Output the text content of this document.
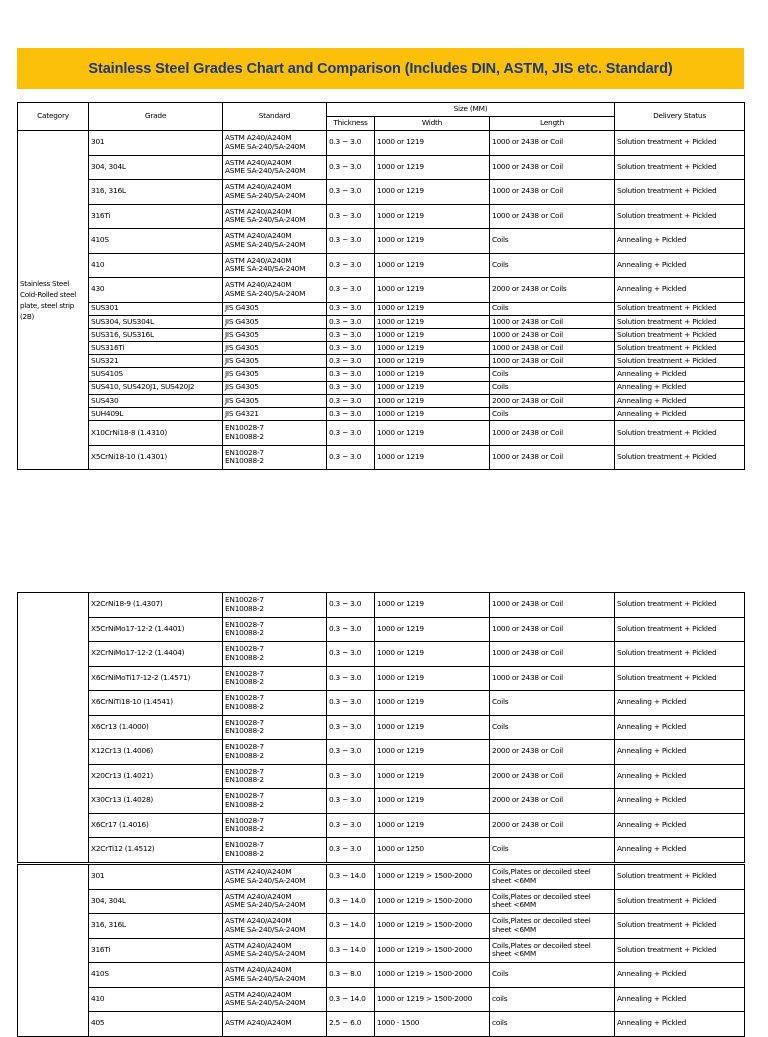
Stainless Steel Grades Chart and Comparison (Includes DIN, ASTM, JIS etc. Standard)
Category	Grade	Standard	Size (MM)			Delivery Status
			Thickness	Width	Length	
Stainless Steel Cold-Rolled steel plate, steel strip (2B)	301	ASTM A240/A240M
ASME SA-240/SA-240M	0.3 ~ 3.0	1000 or 1219	1000 or 2438 or Coil	Solution treatment + Pickled
	304, 304L	ASTM A240/A240M
ASME SA-240/SA-240M	0.3 ~ 3.0	1000 or 1219	1000 or 2438 or Coil	Solution treatment + Pickled
	316, 316L	ASTM A240/A240M
ASME SA-240/SA-240M	0.3 ~ 3.0	1000 or 1219	1000 or 2438 or Coil	Solution treatment + Pickled
	316Ti	ASTM A240/A240M
ASME SA-240/SA-240M	0.3 ~ 3.0	1000 or 1219	1000 or 2438 or Coil	Solution treatment + Pickled
	410S	ASTM A240/A240M
ASME SA-240/SA-240M	0.3 ~ 3.0	1000 or 1219	Coils	Annealing + Pickled
	410	ASTM A240/A240M
ASME SA-240/SA-240M	0.3 ~ 3.0	1000 or 1219	Coils	Annealing + Pickled
	430	ASTM A240/A240M
ASME SA-240/SA-240M	0.3 ~ 3.0	1000 or 1219	2000 or 2438 or Coils	Annealing + Pickled
	SUS301	JIS G4305	0.3 ~ 3.0	1000 or 1219	Coils	Solution treatment + Pickled
	SUS304, SUS304L	JIS G4305	0.3 ~ 3.0	1000 or 1219	1000 or 2438 or Coil	Solution treatment + Pickled
	SUS316, SUS316L	JIS G4305	0.3 ~ 3.0	1000 or 1219	1000 or 2438 or Coil	Solution treatment + Pickled
	SUS316Ti	JIS G4305	0.3 ~ 3.0	1000 or 1219	1000 or 2438 or Coil	Solution treatment + Pickled
	SUS321	JIS G4305	0.3 ~ 3.0	1000 or 1219	1000 or 2438 or Coil	Solution treatment + Pickled
	SUS410S	JIS G4305	0.3 ~ 3.0	1000 or 1219	Coils	Annealing + Pickled
	SUS410, SUS420J1, SUS420J2	JIS G4305	0.3 ~ 3.0	1000 or 1219	Coils	Annealing + Pickled
	SUS430	JIS G4305	0.3 ~ 3.0	1000 or 1219	2000 or 2438 or Coil	Annealing + Pickled
	SUH409L	JIS G4321	0.3 ~ 3.0	1000 or 1219	Coils	Annealing + Pickled
	X10CrNi18-8 (1.4310)	EN10028-7
EN10088-2	0.3 ~ 3.0	1000 or 1219	1000 or 2438 or Coil	Solution treatment + Pickled
	X5CrNi18-10 (1.4301)	EN10028-7
EN10088-2	0.3 ~ 3.0	1000 or 1219	1000 or 2438 or Coil	Solution treatment + Pickled
	X2CrNi18-9 (1.4307)	EN10028-7
EN10088-2	0.3 ~ 3.0	1000 or 1219	1000 or 2438 or Coil	Solution treatment + Pickled
	X5CrNiMo17-12-2 (1.4401)	EN10028-7
EN10088-2	0.3 ~ 3.0	1000 or 1219	1000 or 2438 or Coil	Solution treatment + Pickled
	X2CrNiMo17-12-2 (1.4404)	EN10028-7
EN10088-2	0.3 ~ 3.0	1000 or 1219	1000 or 2438 or Coil	Solution treatment + Pickled
	X6CrNiMoTi17-12-2 (1.4571)	EN10028-7
EN10088-2	0.3 ~ 3.0	1000 or 1219	1000 or 2438 or Coil	Solution treatment + Pickled
	X6CrNiTi18-10 (1.4541)	EN10028-7
EN10088-2	0.3 ~ 3.0	1000 or 1219	Coils	Annealing + Pickled
	X6Cr13 (1.4000)	EN10028-7
EN10088-2	0.3 ~ 3.0	1000 or 1219	Coils	Annealing + Pickled
	X12Cr13 (1.4006)	EN10028-7
EN10088-2	0.3 ~ 3.0	1000 or 1219	2000 or 2438 or Coil	Annealing + Pickled
	X20Cr13 (1.4021)	EN10028-7
EN10088-2	0.3 ~ 3.0	1000 or 1219	2000 or 2438 or Coil	Annealing + Pickled
	X30Cr13 (1.4028)	EN10028-7
EN10088-2	0.3 ~ 3.0	1000 or 1219	2000 or 2438 or Coil	Annealing + Pickled
	X6Cr17 (1.4016)	EN10028-7
EN10088-2	0.3 ~ 3.0	1000 or 1219	2000 or 2438 or Coil	Annealing + Pickled
	X2CrTi12 (1.4512)	EN10028-7
EN10088-2	0.3 ~ 3.0	1000 or 1250	Coils	Annealing + Pickled
	301	ASTM A240/A240M
ASME SA-240/SA-240M	0.3 ~ 14.0	1000 or 1219 > 1500-2000	Coils,Plates or decoiled steel
sheet <6MM	Solution treatment + Pickled
	304, 304L	ASTM A240/A240M
ASME SA-240/SA-240M	0.3 ~ 14.0	1000 or 1219 > 1500-2000	Coils,Plates or decoiled steel
sheet <6MM	Solution treatment + Pickled
	316, 316L	ASTM A240/A240M
ASME SA-240/SA-240M	0.3 ~ 14.0	1000 or 1219 > 1500-2000	Coils,Plates or decoiled steel
sheet <6MM	Solution treatment + Pickled
	316Ti	ASTM A240/A240M
ASME SA-240/SA-240M	0.3 ~ 14.0	1000 or 1219 > 1500-2000	Coils,Plates or decoiled steel
sheet <6MM	Solution treatment + Pickled
	410S	ASTM A240/A240M
ASME SA-240/SA-240M	0.3 ~ 8.0	1000 or 1219 > 1500-2000	Coils	Annealing + Pickled
	410	ASTM A240/A240M
ASME SA-240/SA-240M	0.3 ~ 14.0	1000 or 1219 > 1500-2000	coils	Annealing + Pickled
	405	ASTM A240/A240M	2.5 ~ 6.0	1000 - 1500	coils	Annealing + Pickled
